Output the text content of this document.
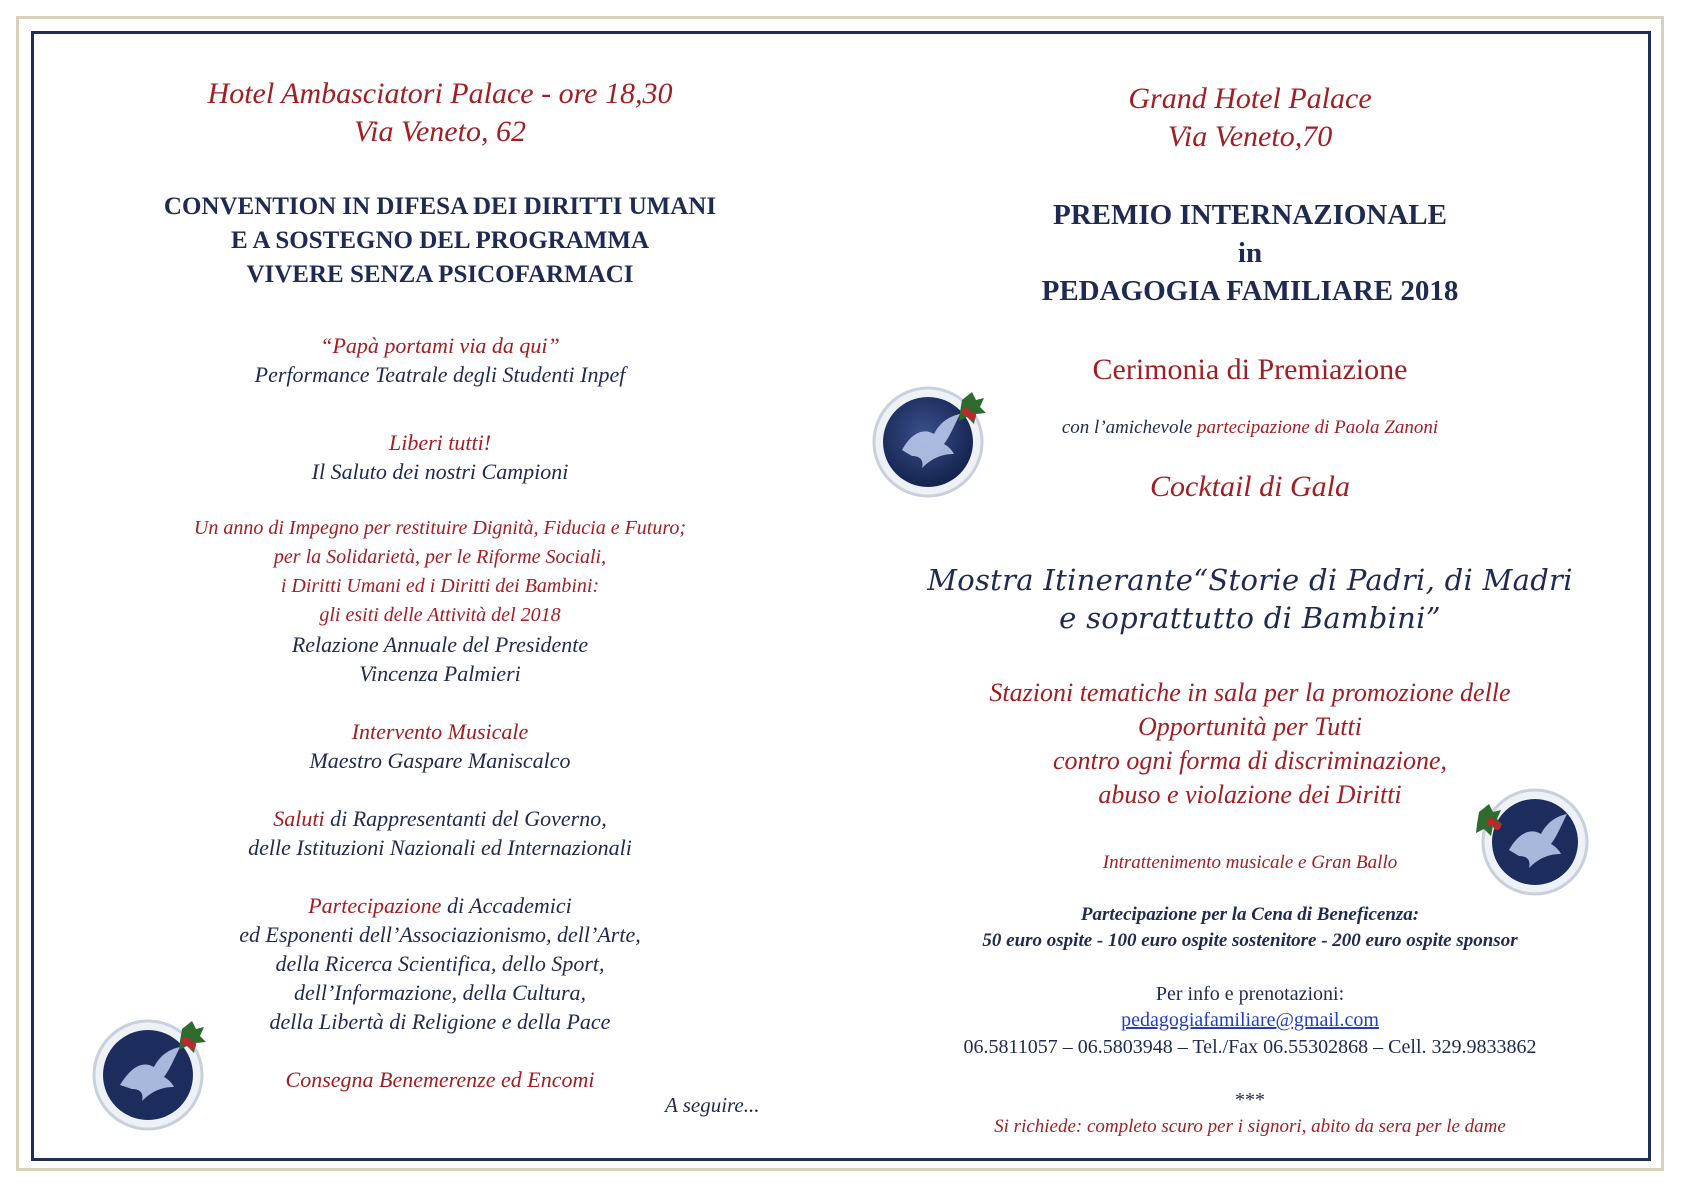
Hotel Ambasciatori Palace - ore 18,30

Via Veneto, 62

CONVENTION IN DIFESA DEI DIRITTI UMANI

E A SOSTEGNO DEL PROGRAMMA

VIVERE SENZA PSICOFARMACI

“Papà portami via da qui”

Performance Teatrale degli Studenti Inpef

Liberi tutti!

Il Saluto dei nostri Campioni

Un anno di Impegno per restituire Dignità, Fiducia e Futuro;

per la Solidarietà, per le Riforme Sociali,

i Diritti Umani ed i Diritti dei Bambini:

gli esiti delle Attività del 2018

Relazione Annuale del Presidente

Vincenza Palmieri

Intervento Musicale

Maestro Gaspare Maniscalco

Saluti di Rappresentanti del Governo,

delle Istituzioni Nazionali ed Internazionali

Partecipazione di Accademici

ed Esponenti dell’Associazionismo, dell’Arte,

della Ricerca Scientifica, dello Sport,

dell’Informazione, della Cultura,

della Libertà di Religione e della Pace

Consegna Benemerenze ed Encomi

A seguire...

Grand Hotel Palace

Via Veneto,70

PREMIO INTERNAZIONALE

in

PEDAGOGIA FAMILIARE 2018

Cerimonia di Premiazione

con l’amichevole partecipazione di Paola Zanoni

Cocktail di Gala

Mostra Itinerante“Storie di Padri, di Madri

e soprattutto di Bambini”

Stazioni tematiche in sala per la promozione delle

Opportunità per Tutti

contro ogni forma di discriminazione,

abuso e violazione dei Diritti

Intrattenimento musicale e Gran Ballo

Partecipazione per la Cena di Beneficenza:

50 euro ospite - 100 euro ospite sostenitore - 200 euro ospite sponsor

Per info e prenotazioni:

pedagogiafamiliare@gmail.com

06.5811057 – 06.5803948 – Tel./Fax 06.55302868 – Cell. 329.9833862

***

Si richiede: completo scuro per i signori, abito da sera per le dame
